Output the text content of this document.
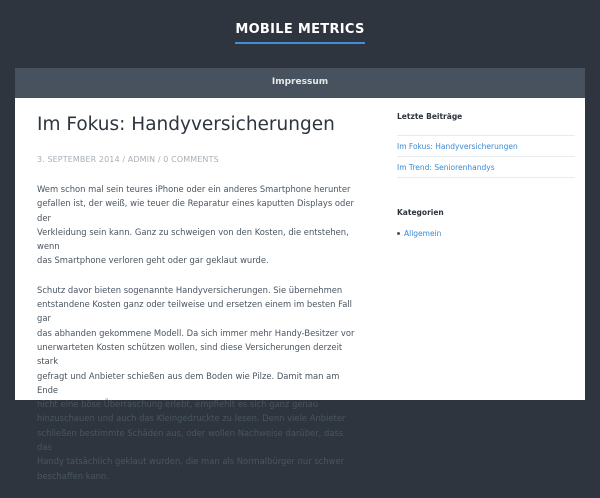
MOBILE METRICS
Impressum
Im Fokus: Handyversicherungen
3. SEPTEMBER 2014 / ADMIN / 0 COMMENTS

Wem schon mal sein teures iPhone oder ein anderes Smartphone herunter
gefallen ist, der weiß, wie teuer die Reparatur eines kaputten Displays oder der
Verkleidung sein kann. Ganz zu schweigen von den Kosten, die entstehen, wenn
das Smartphone verloren geht oder gar geklaut wurde.

Schutz davor bieten sogenannte Handyversicherungen. Sie übernehmen
entstandene Kosten ganz oder teilweise und ersetzen einem im besten Fall gar
das abhanden gekommene Modell. Da sich immer mehr Handy-Besitzer vor
unerwarteten Kosten schützen wollen, sind diese Versicherungen derzeit stark
gefragt und Anbieter schießen aus dem Boden wie Pilze. Damit man am Ende
nicht eine böse Überraschung erlebt, empfiehlt es sich ganz genau
hinzuschauen und auch das Kleingedruckte zu lesen. Denn viele Anbieter
schließen bestimmte Schäden aus, oder wollen Nachweise darüber, dass das
Handy tatsächlich geklaut wurden, die man als Normalbürger nur schwer
beschaffen kann.

Letzte Beiträge
Im Fokus: Handyversicherungen
Im Trend: Seniorenhandys
Kategorien
Allgemein
